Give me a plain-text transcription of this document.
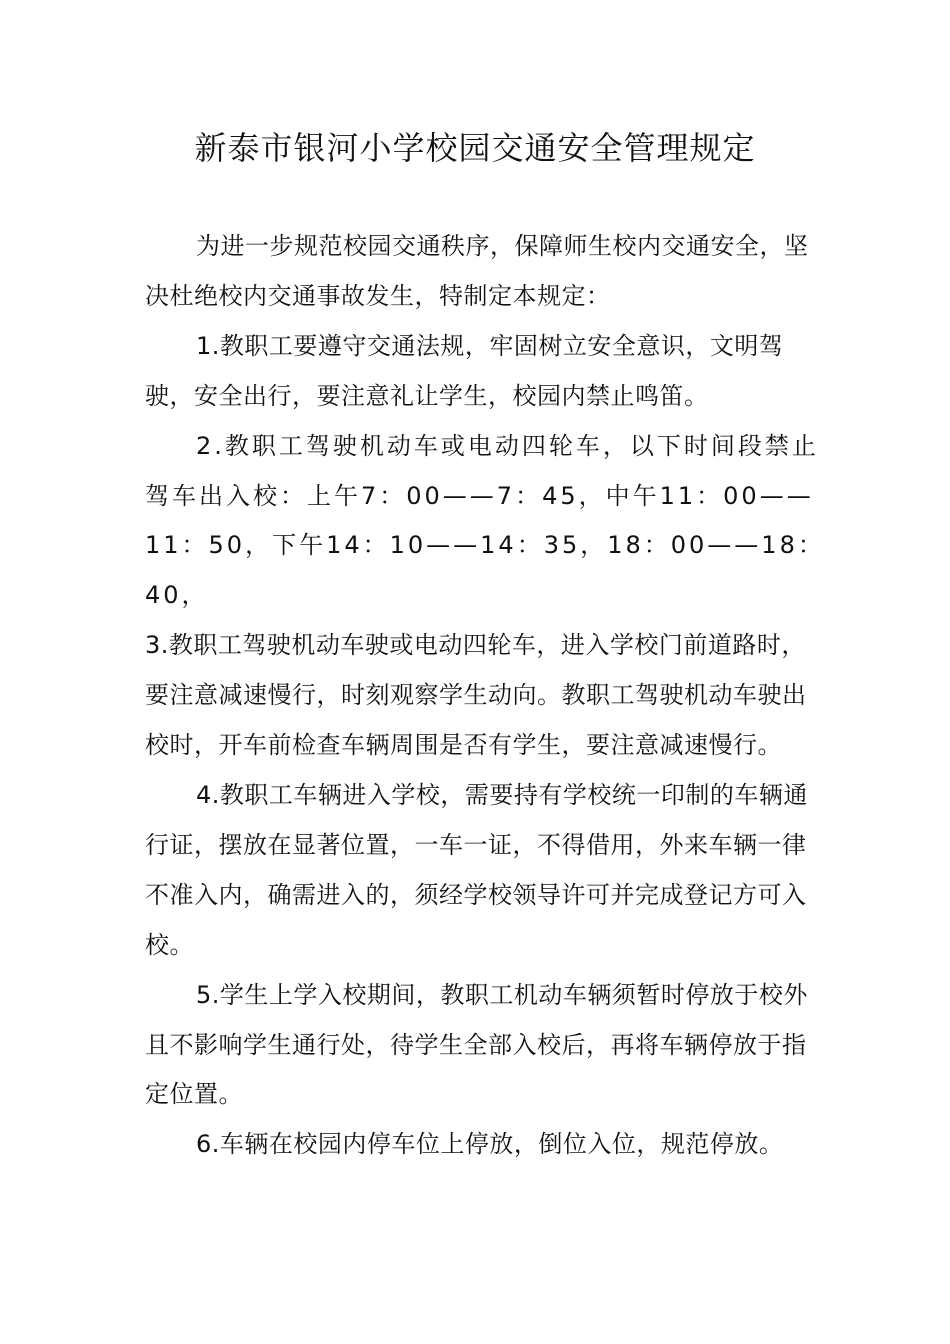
新泰市银河小学校园交通安全管理规定

为进一步规范校园交通秩序，保障师生校内交通安全，坚决杜绝校内交通事故发生，特制定本规定：

1.教职工要遵守交通法规，牢固树立安全意识，文明驾驶，安全出行，要注意礼让学生，校园内禁止鸣笛。

2.教职工驾驶机动车或电动四轮车，以下时间段禁止驾车出入校：上午7：00——7：45，中午11：00——11：50，下午14：10——14：35，18：00——18：40，

3.教职工驾驶机动车驶或电动四轮车，进入学校门前道路时，要注意减速慢行，时刻观察学生动向。教职工驾驶机动车驶出校时，开车前检查车辆周围是否有学生，要注意减速慢行。

4.教职工车辆进入学校，需要持有学校统一印制的车辆通行证，摆放在显著位置，一车一证，不得借用，外来车辆一律不准入内，确需进入的，须经学校领导许可并完成登记方可入校。

5.学生上学入校期间，教职工机动车辆须暂时停放于校外且不影响学生通行处，待学生全部入校后，再将车辆停放于指定位置。

6.车辆在校园内停车位上停放，倒位入位，规范停放。
